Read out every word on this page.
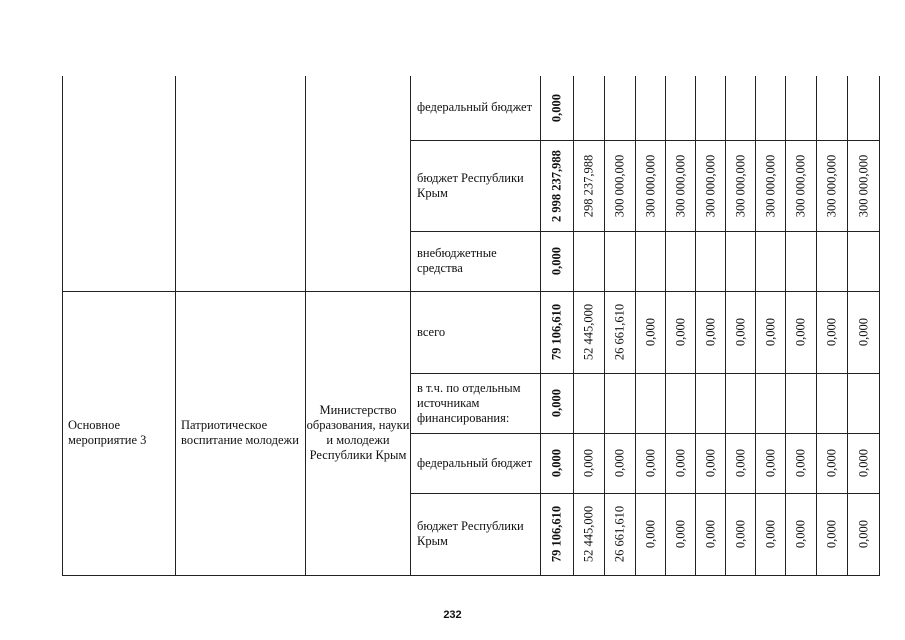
			федеральный бюджет	0,000										

			бюджет Республики Крым	2 998 237,988	298 237,988	300 000,000	300 000,000	300 000,000	300 000,000	300 000,000	300 000,000	300 000,000	300 000,000	300 000,000

			внебюджетные средства	0,000										

Основное мероприятие 3	Патриотическое воспитание молодежи	Министерство образования, науки и молодежи Республики Крым	всего	79 106,610	52 445,000	26 661,610	0,000	0,000	0,000	0,000	0,000	0,000	0,000	0,000

			в т.ч. по отдельным источникам финансирования:	0,000										

			федеральный бюджет	0,000	0,000	0,000	0,000	0,000	0,000	0,000	0,000	0,000	0,000	0,000

			бюджет Республики Крым	79 106,610	52 445,000	26 661,610	0,000	0,000	0,000	0,000	0,000	0,000	0,000	0,000
232
